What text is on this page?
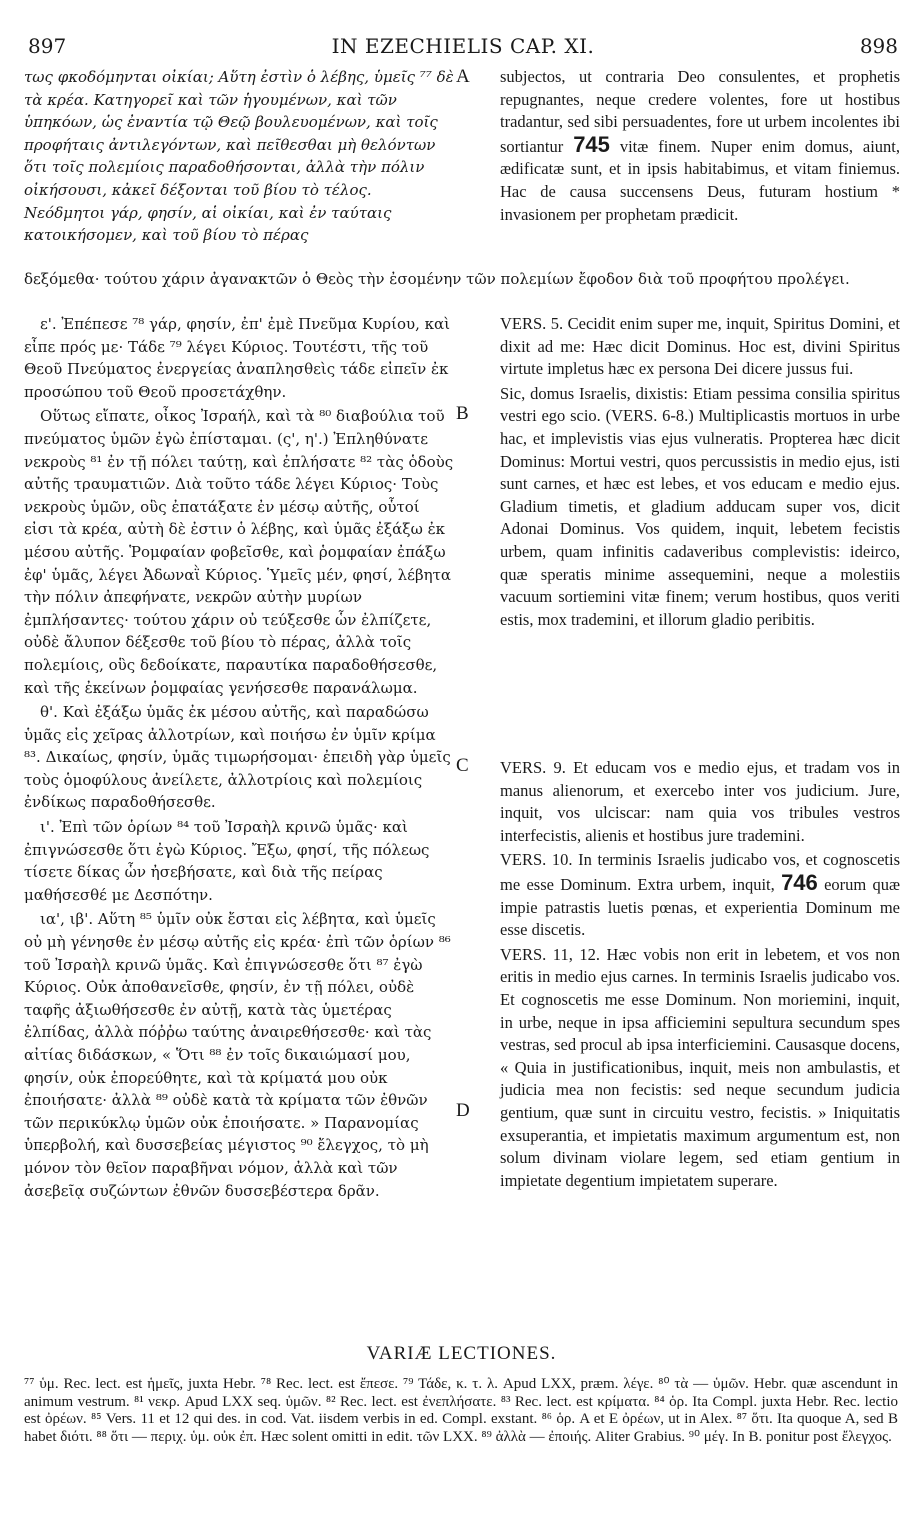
897	IN EZECHIELIS CAP. XI.	898

τως φκοδόμηνται οἰκίαι; Αὕτη ἐστὶν ὁ λέβης, ὑμεῖς ⁷⁷ δὲ τὰ κρέα. Κατηγορεῖ καὶ τῶν ἡγουμένων, καὶ τῶν ὑπηκόων, ὡς ἐναντία τῷ Θεῷ βουλευομένων, καὶ τοῖς προφήταις ἀντιλεγόντων, καὶ πεῖθεσθαι μὴ θελόντων ὅτι τοῖς πολεμίοις παραδοθήσονται, ἀλλὰ τὴν πόλιν οἰκήσουσι, κἀκεῖ δέξονται τοῦ βίου τὸ τέλος. Νεόδμητοι γάρ, φησίν, αἱ οἰκίαι, καὶ ἐν ταύταις κατοικήσομεν, καὶ τοῦ βίου τὸ πέρας

δεξόμεθα· τούτου χάριν ἀγανακτῶν ὁ Θεὸς τὴν ἐσομένην τῶν πολεμίων ἔφοδον διὰ τοῦ προφήτου προλέγει.

ε'. Ἐπέπεσε ⁷⁸ γάρ, φησίν, ἐπ' ἐμὲ Πνεῦμα Κυρίου, καὶ εἶπε πρός με· Τάδε ⁷⁹ λέγει Κύριος. Τουτέστι, τῆς τοῦ Θεοῦ Πνεύματος ἐνεργείας ἀναπλησθεὶς τάδε εἰπεῖν ἐκ προσώπου τοῦ Θεοῦ προσετάχθην.

Οὕτως εἴπατε, οἶκος Ἰσραήλ, καὶ τὰ ⁸⁰ διαβούλια τοῦ πνεύματος ὑμῶν ἐγὼ ἐπίσταμαι. (ς', η'.) Ἐπληθύνατε νεκροὺς ⁸¹ ἐν τῇ πόλει ταύτῃ, καὶ ἐπλήσατε ⁸² τὰς ὁδοὺς αὐτῆς τραυματιῶν. Διὰ τοῦτο τάδε λέγει Κύριος· Τοὺς νεκροὺς ὑμῶν, οὓς ἐπατάξατε ἐν μέσῳ αὐτῆς, οὗτοί εἰσι τὰ κρέα, αὐτὴ δὲ ἐστιν ὁ λέβης, καὶ ὑμᾶς ἐξάξω ἐκ μέσου αὐτῆς. Ῥομφαίαν φοβεῖσθε, καὶ ῥομφαίαν ἐπάξω ἐφ' ὑμᾶς, λέγει Ἀδωναῒ Κύριος. Ὑμεῖς μέν, φησί, λέβητα τὴν πόλιν ἀπεφήνατε, νεκρῶν αὐτὴν μυρίων ἐμπλήσαντες· τούτου χάριν οὐ τεύξεσθε ὧν ἐλπίζετε, οὐδὲ ἄλυπον δέξεσθε τοῦ βίου τὸ πέρας, ἀλλὰ τοῖς πολεμίοις, οὓς δεδοίκατε, παραυτίκα παραδοθήσεσθε, καὶ τῆς ἐκείνων ῥομφαίας γενήσεσθε παρανάλωμα.

θ'. Καὶ ἐξάξω ὑμᾶς ἐκ μέσου αὐτῆς, καὶ παραδώσω ὑμᾶς εἰς χεῖρας ἀλλοτρίων, καὶ ποιήσω ἐν ὑμῖν κρίμα ⁸³. Δικαίως, φησίν, ὑμᾶς τιμωρήσομαι· ἐπειδὴ γὰρ ὑμεῖς τοὺς ὁμοφύλους ἀνείλετε, ἀλλοτρίοις καὶ πολεμίοις ἐνδίκως παραδοθήσεσθε.

ι'. Ἐπὶ τῶν ὁρίων ⁸⁴ τοῦ Ἰσραὴλ κρινῶ ὑμᾶς· καὶ ἐπιγνώσεσθε ὅτι ἐγὼ Κύριος. Ἔξω, φησί, τῆς πόλεως τίσετε δίκας ὧν ἠσεβήσατε, καὶ διὰ τῆς πείρας μαθήσεσθέ με Δεσπότην.

ια', ιβ'. Αὕτη ⁸⁵ ὑμῖν οὐκ ἔσται εἰς λέβητα, καὶ ὑμεῖς οὐ μὴ γένησθε ἐν μέσῳ αὐτῆς εἰς κρέα· ἐπὶ τῶν ὁρίων ⁸⁶ τοῦ Ἰσραὴλ κρινῶ ὑμᾶς. Καὶ ἐπιγνώσεσθε ὅτι ⁸⁷ ἐγὼ Κύριος. Οὐκ ἀποθανεῖσθε, φησίν, ἐν τῇ πόλει, οὐδὲ ταφῆς ἀξιωθήσεσθε ἐν αὐτῇ, κατὰ τὰς ὑμετέρας ἐλπίδας, ἀλλὰ πόῤῥω ταύτης ἀναιρεθήσεσθε· καὶ τὰς αἰτίας διδάσκων, « Ὅτι ⁸⁸ ἐν τοῖς δικαιώμασί μου, φησίν, οὐκ ἐπορεύθητε, καὶ τὰ κρίματά μου οὐκ ἐποιήσατε· ἀλλὰ ⁸⁹ οὐδὲ κατὰ τὰ κρίματα τῶν ἐθνῶν τῶν περικύκλῳ ὑμῶν οὐκ ἐποιήσατε. » Παρανομίας ὑπερβολή, καὶ δυσσεβείας μέγιστος ⁹⁰ ἔλεγχος, τὸ μὴ μόνον τὸν θεῖον παραβῆναι νόμον, ἀλλὰ καὶ τῶν ἀσεβεῖᾳ συζώντων ἐθνῶν δυσσεβέστερα δρᾶν.

A
B
C
D

subjectos, ut contraria Deo consulentes, et prophetis repugnantes, neque credere volentes, fore ut hostibus tradantur, sed sibi persuadentes, fore ut urbem incolentes ibi sortiantur 745 vitæ finem. Nuper enim domus, aiunt, ædificatæ sunt, et in ipsis habitabimus, et vitam finiemus. Hac de causa succensens Deus, futuram hostium * invasionem per prophetam prædicit.

VERS. 5. Cecidit enim super me, inquit, Spiritus Domini, et dixit ad me: Hæc dicit Dominus. Hoc est, divini Spiritus virtute impletus hæc ex persona Dei dicere jussus fui.

Sic, domus Israelis, dixistis: Etiam pessima consilia spiritus vestri ego scio. (VERS. 6-8.) Multiplicastis mortuos in urbe hac, et implevistis vias ejus vulneratis. Propterea hæc dicit Dominus: Mortui vestri, quos percussistis in medio ejus, isti sunt carnes, et hæc est lebes, et vos educam e medio ejus. Gladium timetis, et gladium adducam super vos, dicit Adonai Dominus. Vos quidem, inquit, lebetem fecistis urbem, quam infinitis cadaveribus complevistis: ideirco, quæ speratis minime assequemini, neque a molestiis vacuum sortiemini vitæ finem; verum hostibus, quos veriti estis, mox trademini, et illorum gladio peribitis.

VERS. 9. Et educam vos e medio ejus, et tradam vos in manus alienorum, et exercebo inter vos judicium. Jure, inquit, vos ulciscar: nam quia vos tribules vestros interfecistis, alienis et hostibus jure trademini.

VERS. 10. In terminis Israelis judicabo vos, et cognoscetis me esse Dominum. Extra urbem, inquit, 746 eorum quæ impie patrastis luetis pœnas, et experientia Dominum me esse discetis.

VERS. 11, 12. Hæc vobis non erit in lebetem, et vos non eritis in medio ejus carnes. In terminis Israelis judicabo vos. Et cognoscetis me esse Dominum. Non moriemini, inquit, in urbe, neque in ipsa afficiemini sepultura secundum spes vestras, sed procul ab ipsa interficiemini. Causasque docens, « Quia in justificationibus, inquit, meis non ambulastis, et judicia mea non fecistis: sed neque secundum judicia gentium, quæ sunt in circuitu vestro, fecistis. » Iniquitatis exsuperantia, et impietatis maximum argumentum est, non solum divinam violare legem, sed etiam gentium in impietate degentium impietatem superare.

VARIÆ LECTIONES.

⁷⁷ ὑμ. Rec. lect. est ἡμεῖς, juxta Hebr. ⁷⁸ Rec. lect. est ἔπεσε. ⁷⁹ Τάδε, κ. τ. λ. Apud LXX, præm. λέγε. ⁸⁰ τὰ — ὑμῶν. Hebr. quæ ascendunt in animum vestrum. ⁸¹ νεκρ. Apud LXX seq. ὑμῶν. ⁸² Rec. lect. est ἐνεπλήσατε. ⁸³ Rec. lect. est κρίματα. ⁸⁴ ὁρ. Ita Compl. juxta Hebr. Rec. lectio est ὀρέων. ⁸⁵ Vers. 11 et 12 qui des. in cod. Vat. iisdem verbis in ed. Compl. exstant. ⁸⁶ ὁρ. A et E ὀρέων, ut in Alex. ⁸⁷ ὅτι. Ita quoque A, sed B habet διότι. ⁸⁸ ὅτι — περιχ. ὑμ. οὐκ ἐπ. Hæc solent omitti in edit. τῶν LXX. ⁸⁹ ἀλλὰ — ἐποιής. Aliter Grabius. ⁹⁰ μέγ. In B. ponitur post ἔλεγχος.
